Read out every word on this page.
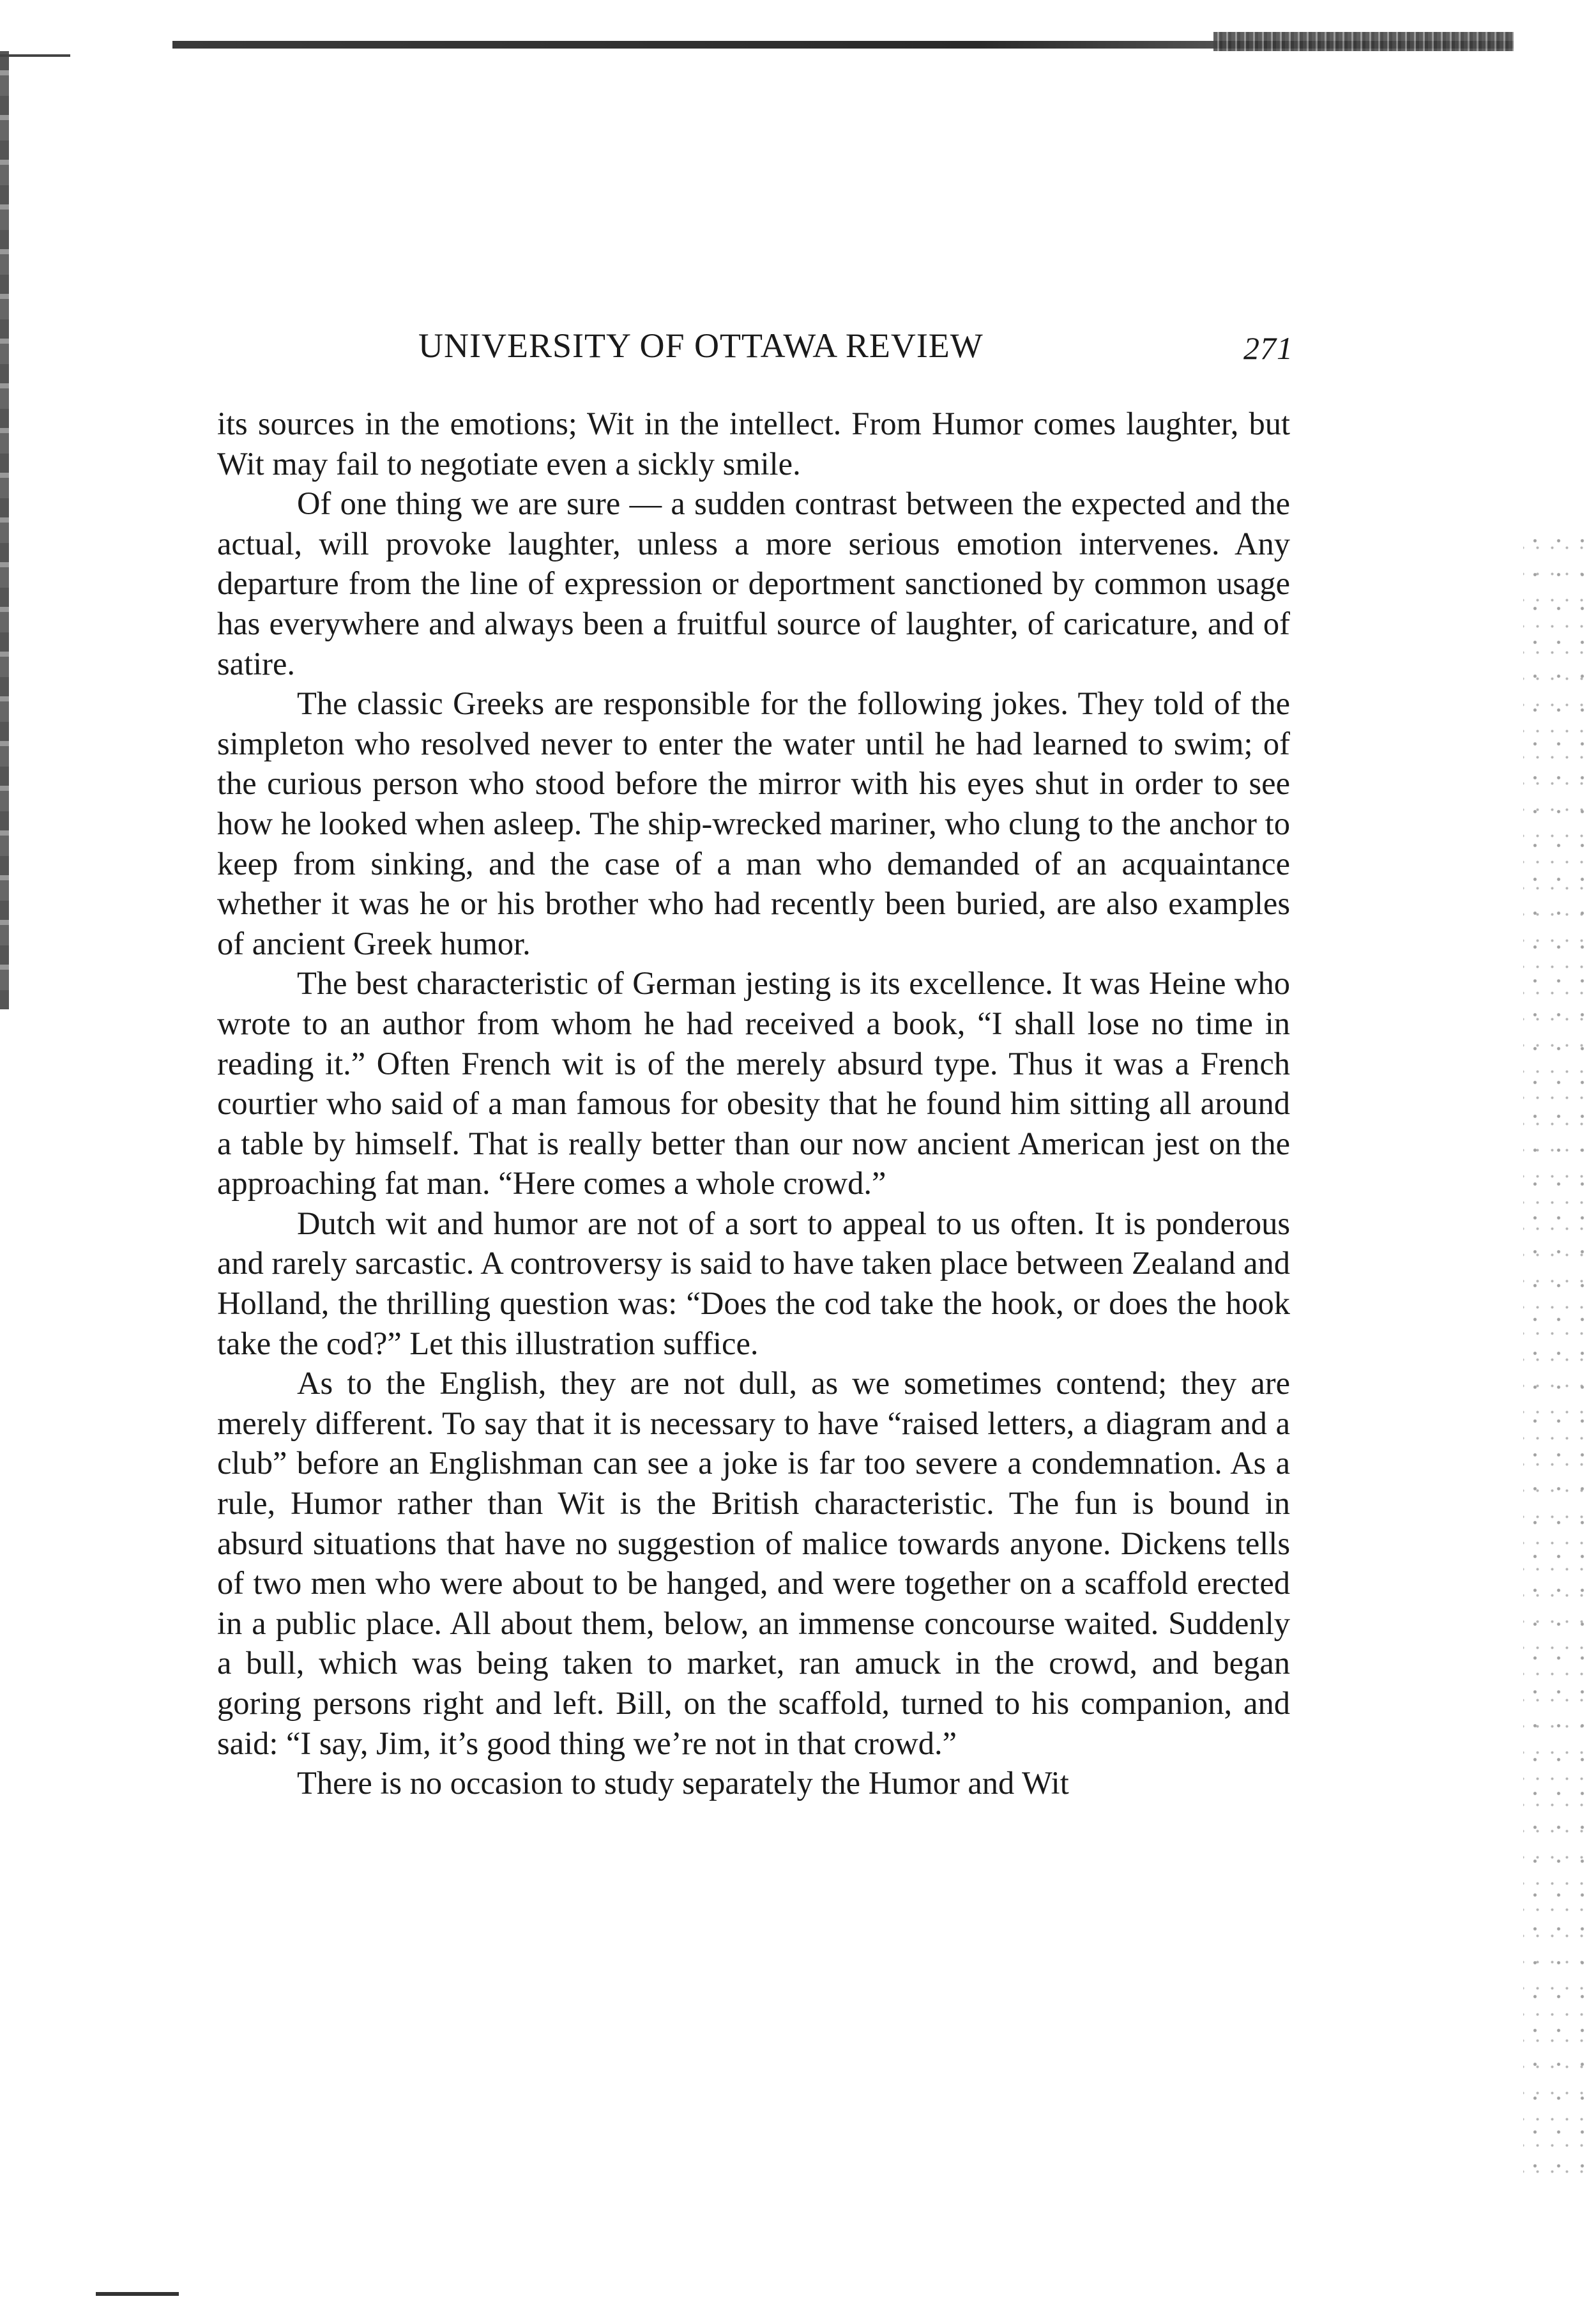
UNIVERSITY OF OTTAWA REVIEW	271

its sources in the emotions; Wit in the intellect. From Humor comes laughter, but Wit may fail to negotiate even a sickly smile.

Of one thing we are sure — a sudden contrast between the expected and the actual, will provoke laughter, unless a more serious emotion intervenes. Any departure from the line of expression or deportment sanctioned by common usage has everywhere and always been a fruitful source of laughter, of caricature, and of satire.

The classic Greeks are responsible for the following jokes. They told of the simpleton who resolved never to enter the water until he had learned to swim; of the curious person who stood before the mirror with his eyes shut in order to see how he looked when asleep. The ship-wrecked mariner, who clung to the anchor to keep from sinking, and the case of a man who demanded of an acquaintance whether it was he or his brother who had recently been buried, are also examples of ancient Greek humor.

The best characteristic of German jesting is its excellence. It was Heine who wrote to an author from whom he had received a book, “I shall lose no time in reading it.” Often French wit is of the merely absurd type. Thus it was a French courtier who said of a man famous for obesity that he found him sitting all around a table by himself. That is really better than our now ancient American jest on the approaching fat man. “Here comes a whole crowd.”

Dutch wit and humor are not of a sort to appeal to us often. It is ponderous and rarely sarcastic. A controversy is said to have taken place between Zealand and Holland, the thrilling question was: “Does the cod take the hook, or does the hook take the cod?” Let this illustration suffice.

As to the English, they are not dull, as we sometimes contend; they are merely different. To say that it is necessary to have “raised letters, a diagram and a club” before an Englishman can see a joke is far too severe a condemnation. As a rule, Humor rather than Wit is the British characteristic. The fun is bound in absurd situations that have no suggestion of malice towards anyone. Dickens tells of two men who were about to be hanged, and were together on a scaffold erected in a public place. All about them, below, an immense concourse waited. Suddenly a bull, which was being taken to market, ran amuck in the crowd, and began goring persons right and left. Bill, on the scaffold, turned to his companion, and said: “I say, Jim, it’s good thing we’re not in that crowd.”

There is no occasion to study separately the Humor and Wit
